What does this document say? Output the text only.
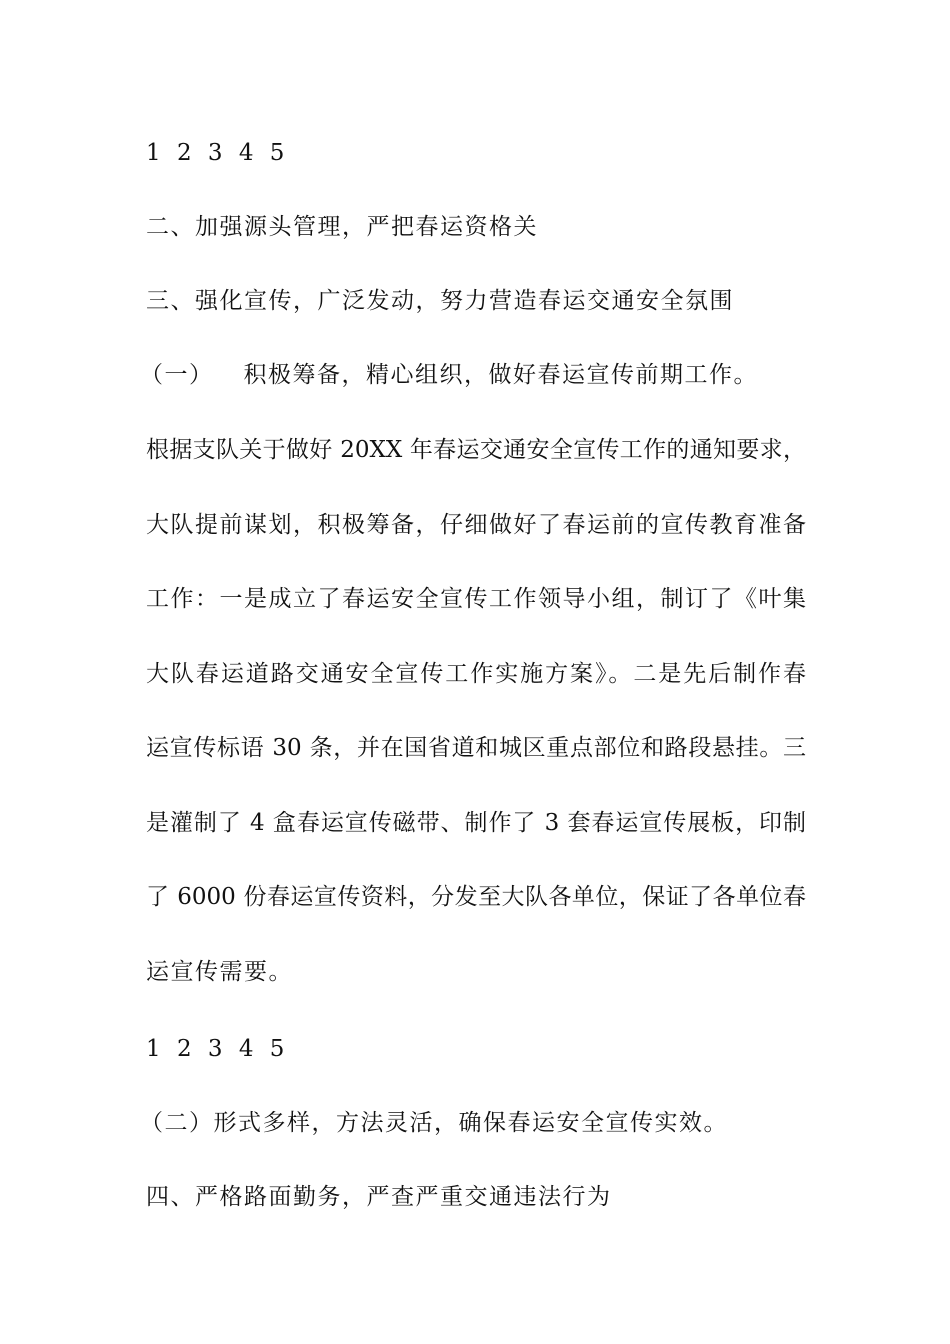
1 2 3 4 5
二、加强源头管理，严把春运资格关
三、强化宣传，广泛发动，努力营造春运交通安全氛围
（一） 积极筹备，精心组织，做好春运宣传前期工作。
根据支队关于做好 20XX 年春运交通安全宣传工作的通知要求，
大队提前谋划，积极筹备，仔细做好了春运前的宣传教育准备
工作：一是成立了春运安全宣传工作领导小组，制订了《叶集
大队春运道路交通安全宣传工作实施方案》。二是先后制作春
运宣传标语 30 条，并在国省道和城区重点部位和路段悬挂。三
是灌制了 4 盒春运宣传磁带、制作了 3 套春运宣传展板，印制
了 6000 份春运宣传资料，分发至大队各单位，保证了各单位春
运宣传需要。
1 2 3 4 5
（二）形式多样，方法灵活，确保春运安全宣传实效。
四、严格路面勤务，严查严重交通违法行为
